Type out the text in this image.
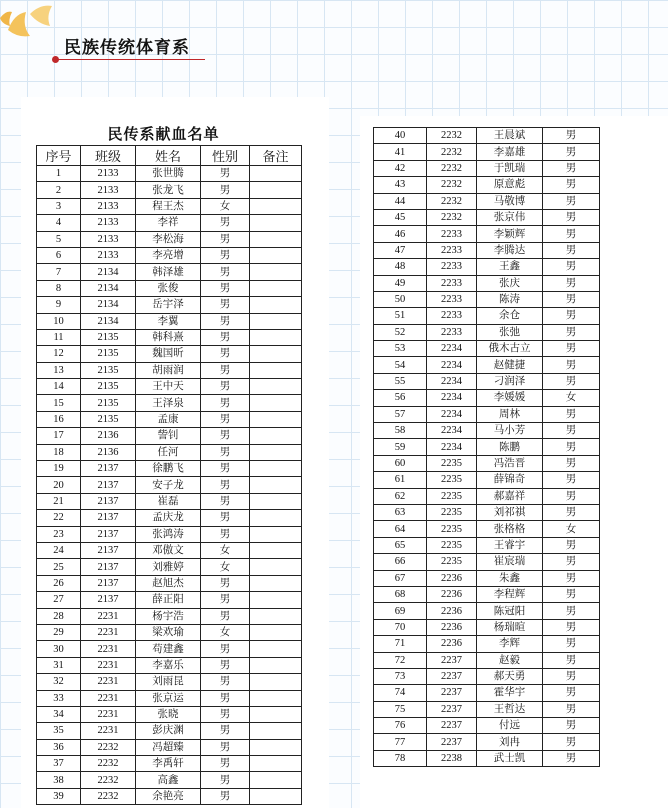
民族传统体育系
民传系献血名单
序号	班级	姓名	性别	备注
1	2133	张世腾	男	
2	2133	张龙飞	男	
3	2133	程王杰	女	
4	2133	李祥	男	
5	2133	李松海	男	
6	2133	李亮增	男	
7	2134	韩泽雄	男	
8	2134	张俊	男	
9	2134	岳宇泽	男	
10	2134	李翼	男	
11	2135	韩科熹	男	
12	2135	魏国昕	男	
13	2135	胡雨润	男	
14	2135	王中天	男	
15	2135	王泽泉	男	
16	2135	孟康	男	
17	2136	訾钊	男	
18	2136	任河	男	
19	2137	徐鹏飞	男	
20	2137	安子龙	男	
21	2137	崔磊	男	
22	2137	孟庆龙	男	
23	2137	张鸿涛	男	
24	2137	邓傲文	女	
25	2137	刘雅婷	女	
26	2137	赵旭杰	男	
27	2137	薛正阳	男	
28	2231	杨宇浩	男	
29	2231	梁欢瑜	女	
30	2231	苟建鑫	男	
31	2231	李嘉乐	男	
32	2231	刘雨昆	男	
33	2231	张京运	男	
34	2231	张晓	男	
35	2231	彭庆渊	男	
36	2232	冯超臻	男	
37	2232	李禹轩	男	
38	2232	高鑫	男	
39	2232	余艳亮	男	
40	2232	王晨斌	男
41	2232	李嘉雄	男
42	2232	于凯瑞	男
43	2232	原意彪	男
44	2232	马敬博	男
45	2232	张京伟	男
46	2233	李颖辉	男
47	2233	李腾达	男
48	2233	王鑫	男
49	2233	张庆	男
50	2233	陈涛	男
51	2233	余仓	男
52	2233	张弛	男
53	2234	俄木古立	男
54	2234	赵健捷	男
55	2234	刁润泽	男
56	2234	李媛媛	女
57	2234	周林	男
58	2234	马小芳	男
59	2234	陈鹏	男
60	2235	冯浩晋	男
61	2235	薛锦奇	男
62	2235	郝嘉祥	男
63	2235	刘祁祺	男
64	2235	张格格	女
65	2235	王睿宇	男
66	2235	崔宸瑞	男
67	2236	朱鑫	男
68	2236	李程辉	男
69	2236	陈冠阳	男
70	2236	杨瑞暄	男
71	2236	李辉	男
72	2237	赵毅	男
73	2237	郝天勇	男
74	2237	霍华宇	男
75	2237	王哲达	男
76	2237	付远	男
77	2237	刘冉	男
78	2238	武士凯	男
